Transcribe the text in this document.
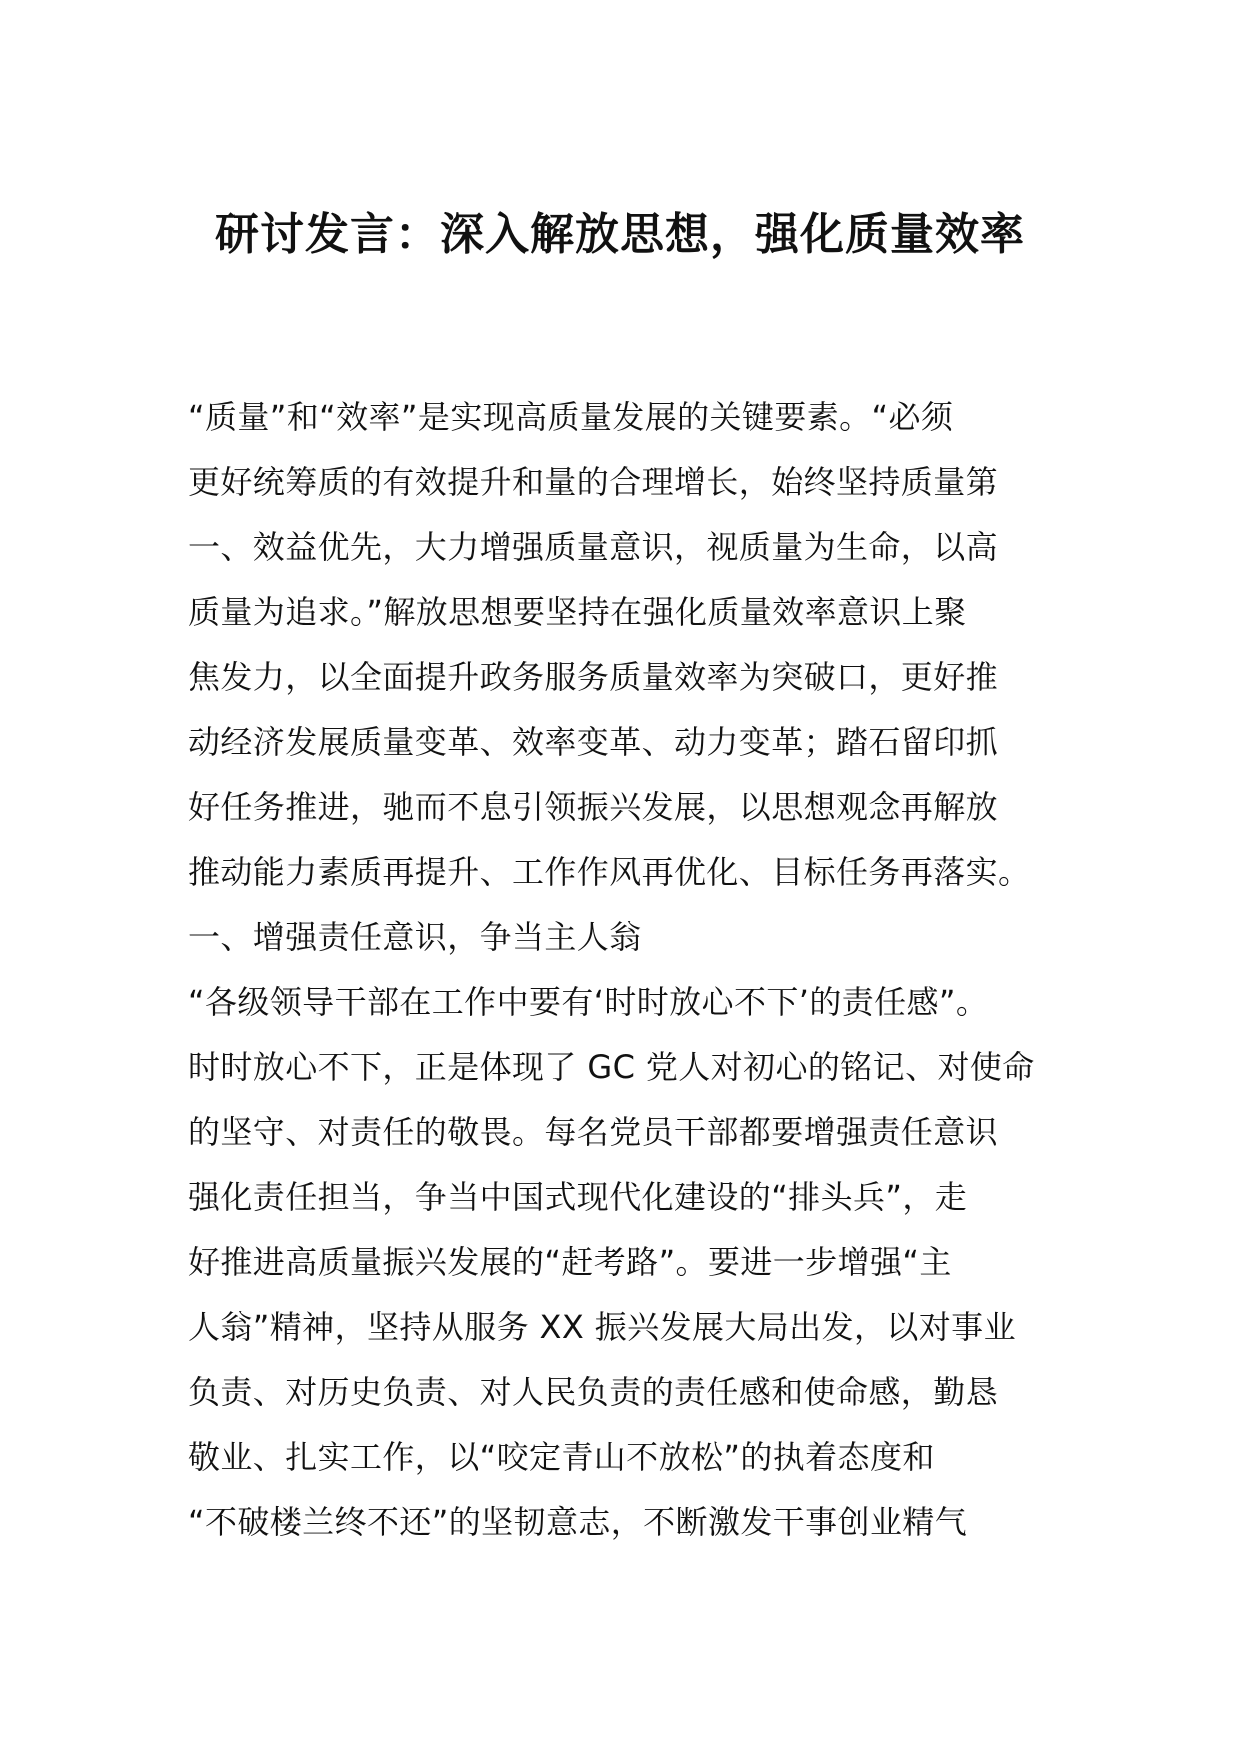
研讨发言：深入解放思想，强化质量效率
“质量”和“效率”是实现高质量发展的关键要素。“必须
更好统筹质的有效提升和量的合理增长，始终坚持质量第
一、效益优先，大力增强质量意识，视质量为生命，以高
质量为追求。”解放思想要坚持在强化质量效率意识上聚
焦发力，以全面提升政务服务质量效率为突破口，更好推
动经济发展质量变革、效率变革、动力变革；踏石留印抓
好任务推进，驰而不息引领振兴发展，以思想观念再解放
推动能力素质再提升、工作作风再优化、目标任务再落实。
一、增强责任意识，争当主人翁
“各级领导干部在工作中要有‘时时放心不下’的责任感”。
时时放心不下，正是体现了 GC 党人对初心的铭记、对使命
的坚守、对责任的敬畏。每名党员干部都要增强责任意识
强化责任担当，争当中国式现代化建设的“排头兵”，走
好推进高质量振兴发展的“赶考路”。要进一步增强“主
人翁”精神，坚持从服务 XX 振兴发展大局出发，以对事业
负责、对历史负责、对人民负责的责任感和使命感，勤恳
敬业、扎实工作，以“咬定青山不放松”的执着态度和
“不破楼兰终不还”的坚韧意志，不断激发干事创业精气
